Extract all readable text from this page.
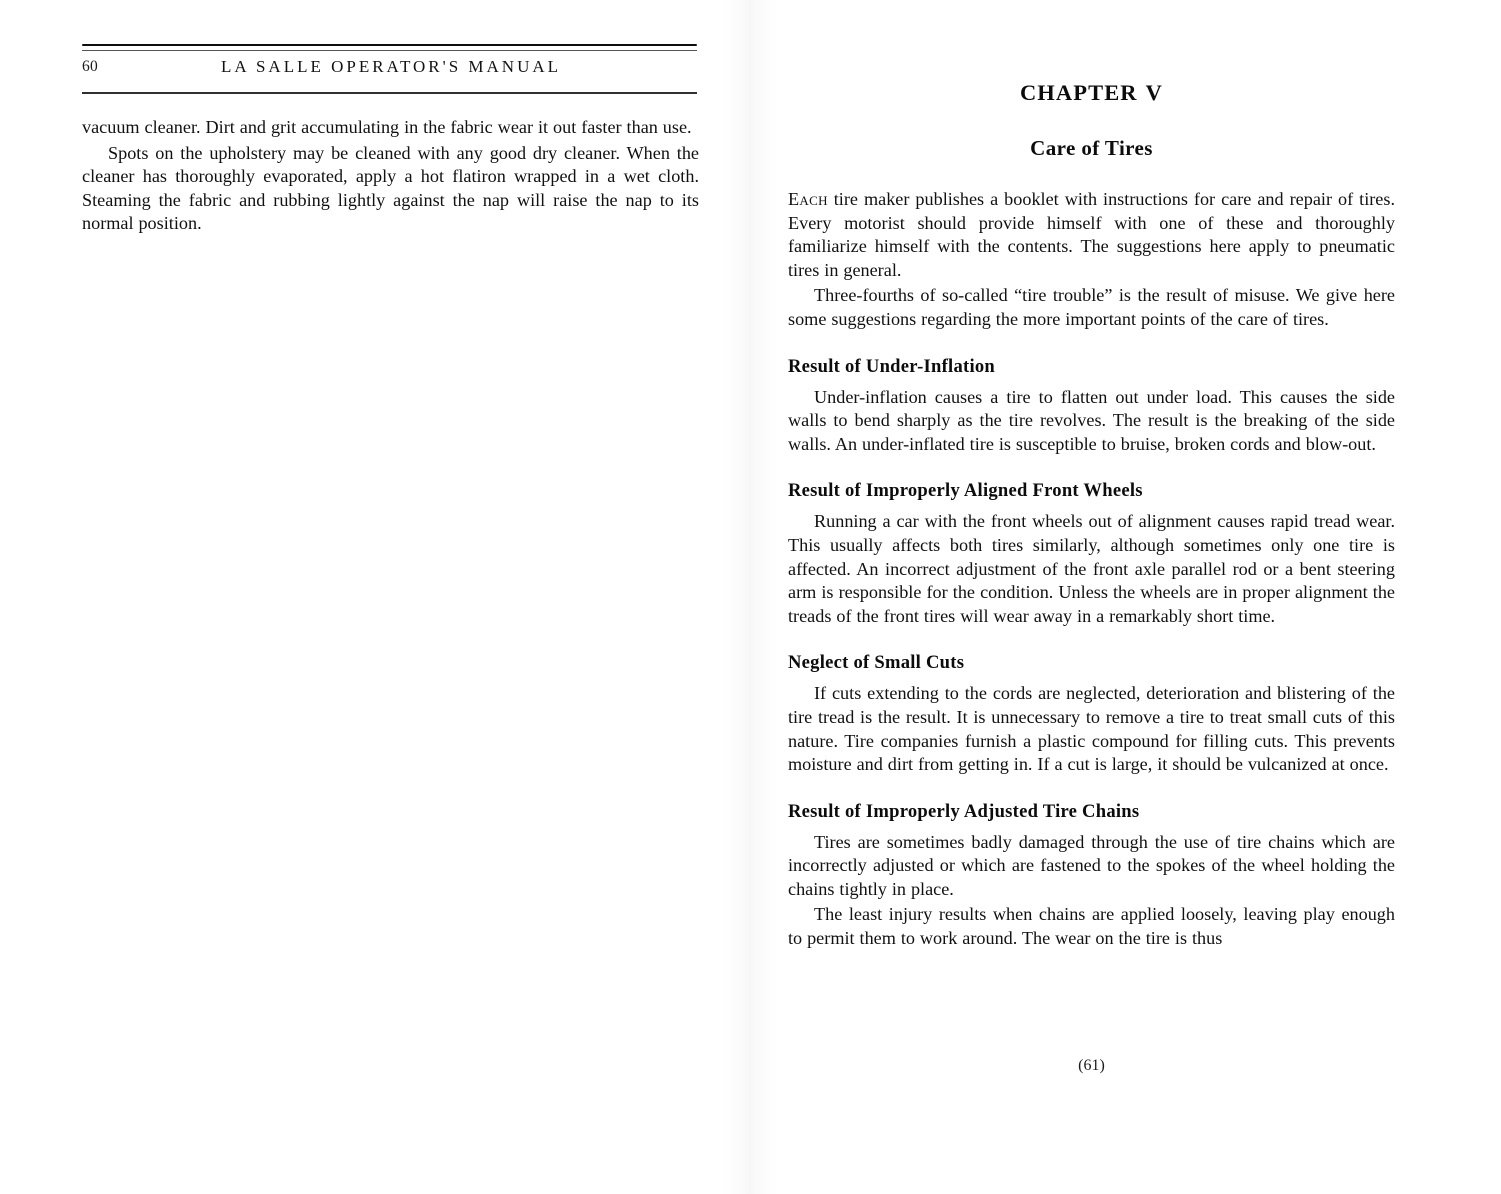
60	LA SALLE OPERATOR'S MANUAL

vacuum cleaner. Dirt and grit accumulating in the fabric wear it out faster than use.

Spots on the upholstery may be cleaned with any good dry cleaner. When the cleaner has thoroughly evaporated, apply a hot flatiron wrapped in a wet cloth. Steaming the fabric and rubbing lightly against the nap will raise the nap to its normal position.

CHAPTER V
Care of Tires

Each tire maker publishes a booklet with instructions for care and repair of tires. Every motorist should provide himself with one of these and thoroughly familiarize himself with the contents. The suggestions here apply to pneumatic tires in general.

Three-fourths of so-called “tire trouble” is the result of misuse. We give here some suggestions regarding the more important points of the care of tires.

Result of Under-Inflation

Under-inflation causes a tire to flatten out under load. This causes the side walls to bend sharply as the tire revolves. The result is the breaking of the side walls. An under-inflated tire is susceptible to bruise, broken cords and blow-out.

Result of Improperly Aligned Front Wheels

Running a car with the front wheels out of alignment causes rapid tread wear. This usually affects both tires similarly, although sometimes only one tire is affected. An incorrect adjustment of the front axle parallel rod or a bent steering arm is responsible for the condition. Unless the wheels are in proper alignment the treads of the front tires will wear away in a remarkably short time.

Neglect of Small Cuts

If cuts extending to the cords are neglected, deterioration and blistering of the tire tread is the result. It is unnecessary to remove a tire to treat small cuts of this nature. Tire companies furnish a plastic compound for filling cuts. This prevents moisture and dirt from getting in. If a cut is large, it should be vulcanized at once.

Result of Improperly Adjusted Tire Chains

Tires are sometimes badly damaged through the use of tire chains which are incorrectly adjusted or which are fastened to the spokes of the wheel holding the chains tightly in place.

The least injury results when chains are applied loosely, leaving play enough to permit them to work around. The wear on the tire is thus

(61)
